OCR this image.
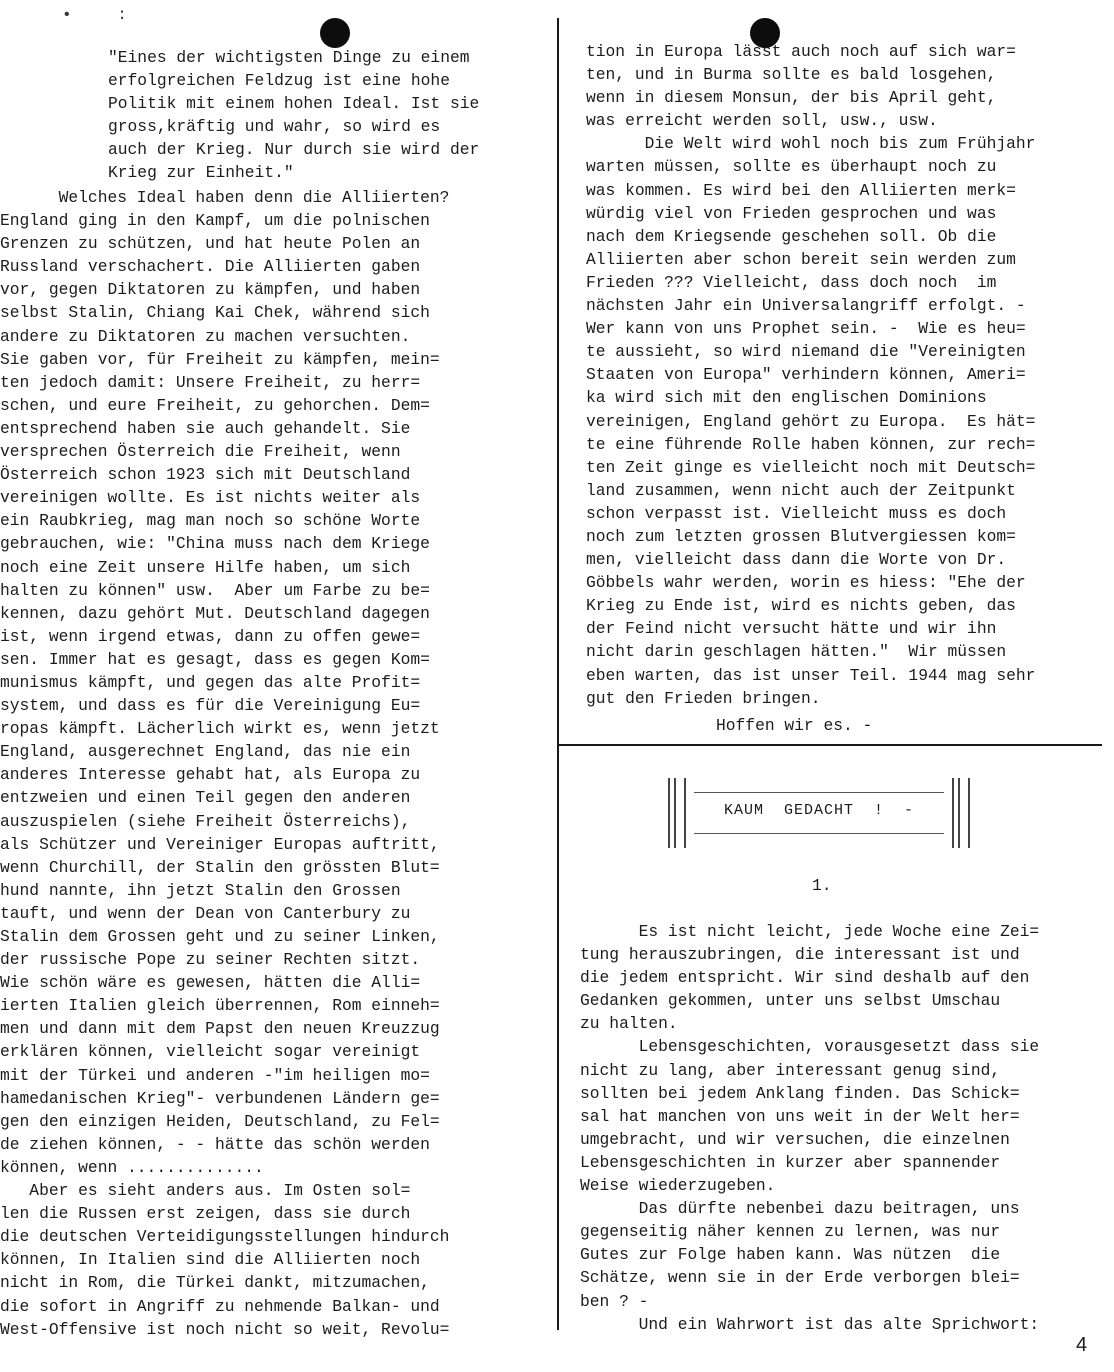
• :
"Eines der wichtigsten Dinge zu einem
erfolgreichen Feldzug ist eine hohe
Politik mit einem hohen Ideal. Ist sie
gross,kräftig und wahr, so wird es
auch der Krieg. Nur durch sie wird der
Krieg zur Einheit."
Welches Ideal haben denn die Alliierten?
England ging in den Kampf, um die polnischen
Grenzen zu schützen, und hat heute Polen an
Russland verschachert. Die Alliierten gaben
vor, gegen Diktatoren zu kämpfen, und haben
selbst Stalin, Chiang Kai Chek, während sich
andere zu Diktatoren zu machen versuchten.
Sie gaben vor, für Freiheit zu kämpfen, mein=
ten jedoch damit: Unsere Freiheit, zu herr=
schen, und eure Freiheit, zu gehorchen. Dem=
entsprechend haben sie auch gehandelt. Sie
versprechen Österreich die Freiheit, wenn
Österreich schon 1923 sich mit Deutschland
vereinigen wollte. Es ist nichts weiter als
ein Raubkrieg, mag man noch so schöne Worte
gebrauchen, wie: "China muss nach dem Kriege
noch eine Zeit unsere Hilfe haben, um sich
halten zu können" usw.  Aber um Farbe zu be=
kennen, dazu gehört Mut. Deutschland dagegen
ist, wenn irgend etwas, dann zu offen gewe=
sen. Immer hat es gesagt, dass es gegen Kom=
munismus kämpft, und gegen das alte Profit=
system, und dass es für die Vereinigung Eu=
ropas kämpft. Lächerlich wirkt es, wenn jetzt
England, ausgerechnet England, das nie ein
anderes Interesse gehabt hat, als Europa zu
entzweien und einen Teil gegen den anderen
auszuspielen (siehe Freiheit Österreichs),
als Schützer und Vereiniger Europas auftritt,
wenn Churchill, der Stalin den grössten Blut=
hund nannte, ihn jetzt Stalin den Grossen
tauft, und wenn der Dean von Canterbury zu
Stalin dem Grossen geht und zu seiner Linken,
der russische Pope zu seiner Rechten sitzt.
Wie schön wäre es gewesen, hätten die Alli=
ierten Italien gleich überrennen, Rom einneh=
men und dann mit dem Papst den neuen Kreuzzug
erklären können, vielleicht sogar vereinigt
mit der Türkei und anderen -"im heiligen mo=
hamedanischen Krieg"- verbundenen Ländern ge=
gen den einzigen Heiden, Deutschland, zu Fel=
de ziehen können, - - hätte das schön werden
können, wenn ..............
Aber es sieht anders aus. Im Osten sol=
len die Russen erst zeigen, dass sie durch
die deutschen Verteidigungsstellungen hindurch
können, In Italien sind die Alliierten noch
nicht in Rom, die Türkei dankt, mitzumachen,
die sofort in Angriff zu nehmende Balkan- und
West-Offensive ist noch nicht so weit, Revolu=
tion in Europa lässt auch noch auf sich war=
ten, und in Burma sollte es bald losgehen,
wenn in diesem Monsun, der bis April geht,
was erreicht werden soll, usw., usw.
Die Welt wird wohl noch bis zum Frühjahr
warten müssen, sollte es überhaupt noch zu
was kommen. Es wird bei den Alliierten merk=
würdig viel von Frieden gesprochen und was
nach dem Kriegsende geschehen soll. Ob die
Alliierten aber schon bereit sein werden zum
Frieden ??? Vielleicht, dass doch noch  im
nächsten Jahr ein Universalangriff erfolgt. -
Wer kann von uns Prophet sein. -  Wie es heu=
te aussieht, so wird niemand die "Vereinigten
Staaten von Europa" verhindern können, Ameri=
ka wird sich mit den englischen Dominions
vereinigen, England gehört zu Europa.  Es hät=
te eine führende Rolle haben können, zur rech=
ten Zeit ginge es vielleicht noch mit Deutsch=
land zusammen, wenn nicht auch der Zeitpunkt
schon verpasst ist. Vielleicht muss es doch
noch zum letzten grossen Blutvergiessen kom=
men, vielleicht dass dann die Worte von Dr.
Göbbels wahr werden, worin es hiess: "Ehe der
Krieg zu Ende ist, wird es nichts geben, das
der Feind nicht versucht hätte und wir ihn
nicht darin geschlagen hätten."  Wir müssen
eben warten, das ist unser Teil. 1944 mag sehr
gut den Frieden bringen.
Hoffen wir es. -
KAUM  GEDACHT  !  -
1.
Es ist nicht leicht, jede Woche eine Zei=
tung herauszubringen, die interessant ist und
die jedem entspricht. Wir sind deshalb auf den
Gedanken gekommen, unter uns selbst Umschau
zu halten.
Lebensgeschichten, vorausgesetzt dass sie
nicht zu lang, aber interessant genug sind,
sollten bei jedem Anklang finden. Das Schick=
sal hat manchen von uns weit in der Welt her=
umgebracht, und wir versuchen, die einzelnen
Lebensgeschichten in kurzer aber spannender
Weise wiederzugeben.
Das dürfte nebenbei dazu beitragen, uns
gegenseitig näher kennen zu lernen, was nur
Gutes zur Folge haben kann. Was nützen  die
Schätze, wenn sie in der Erde verborgen blei=
ben ? -
Und ein Wahrwort ist das alte Sprichwort:
4
